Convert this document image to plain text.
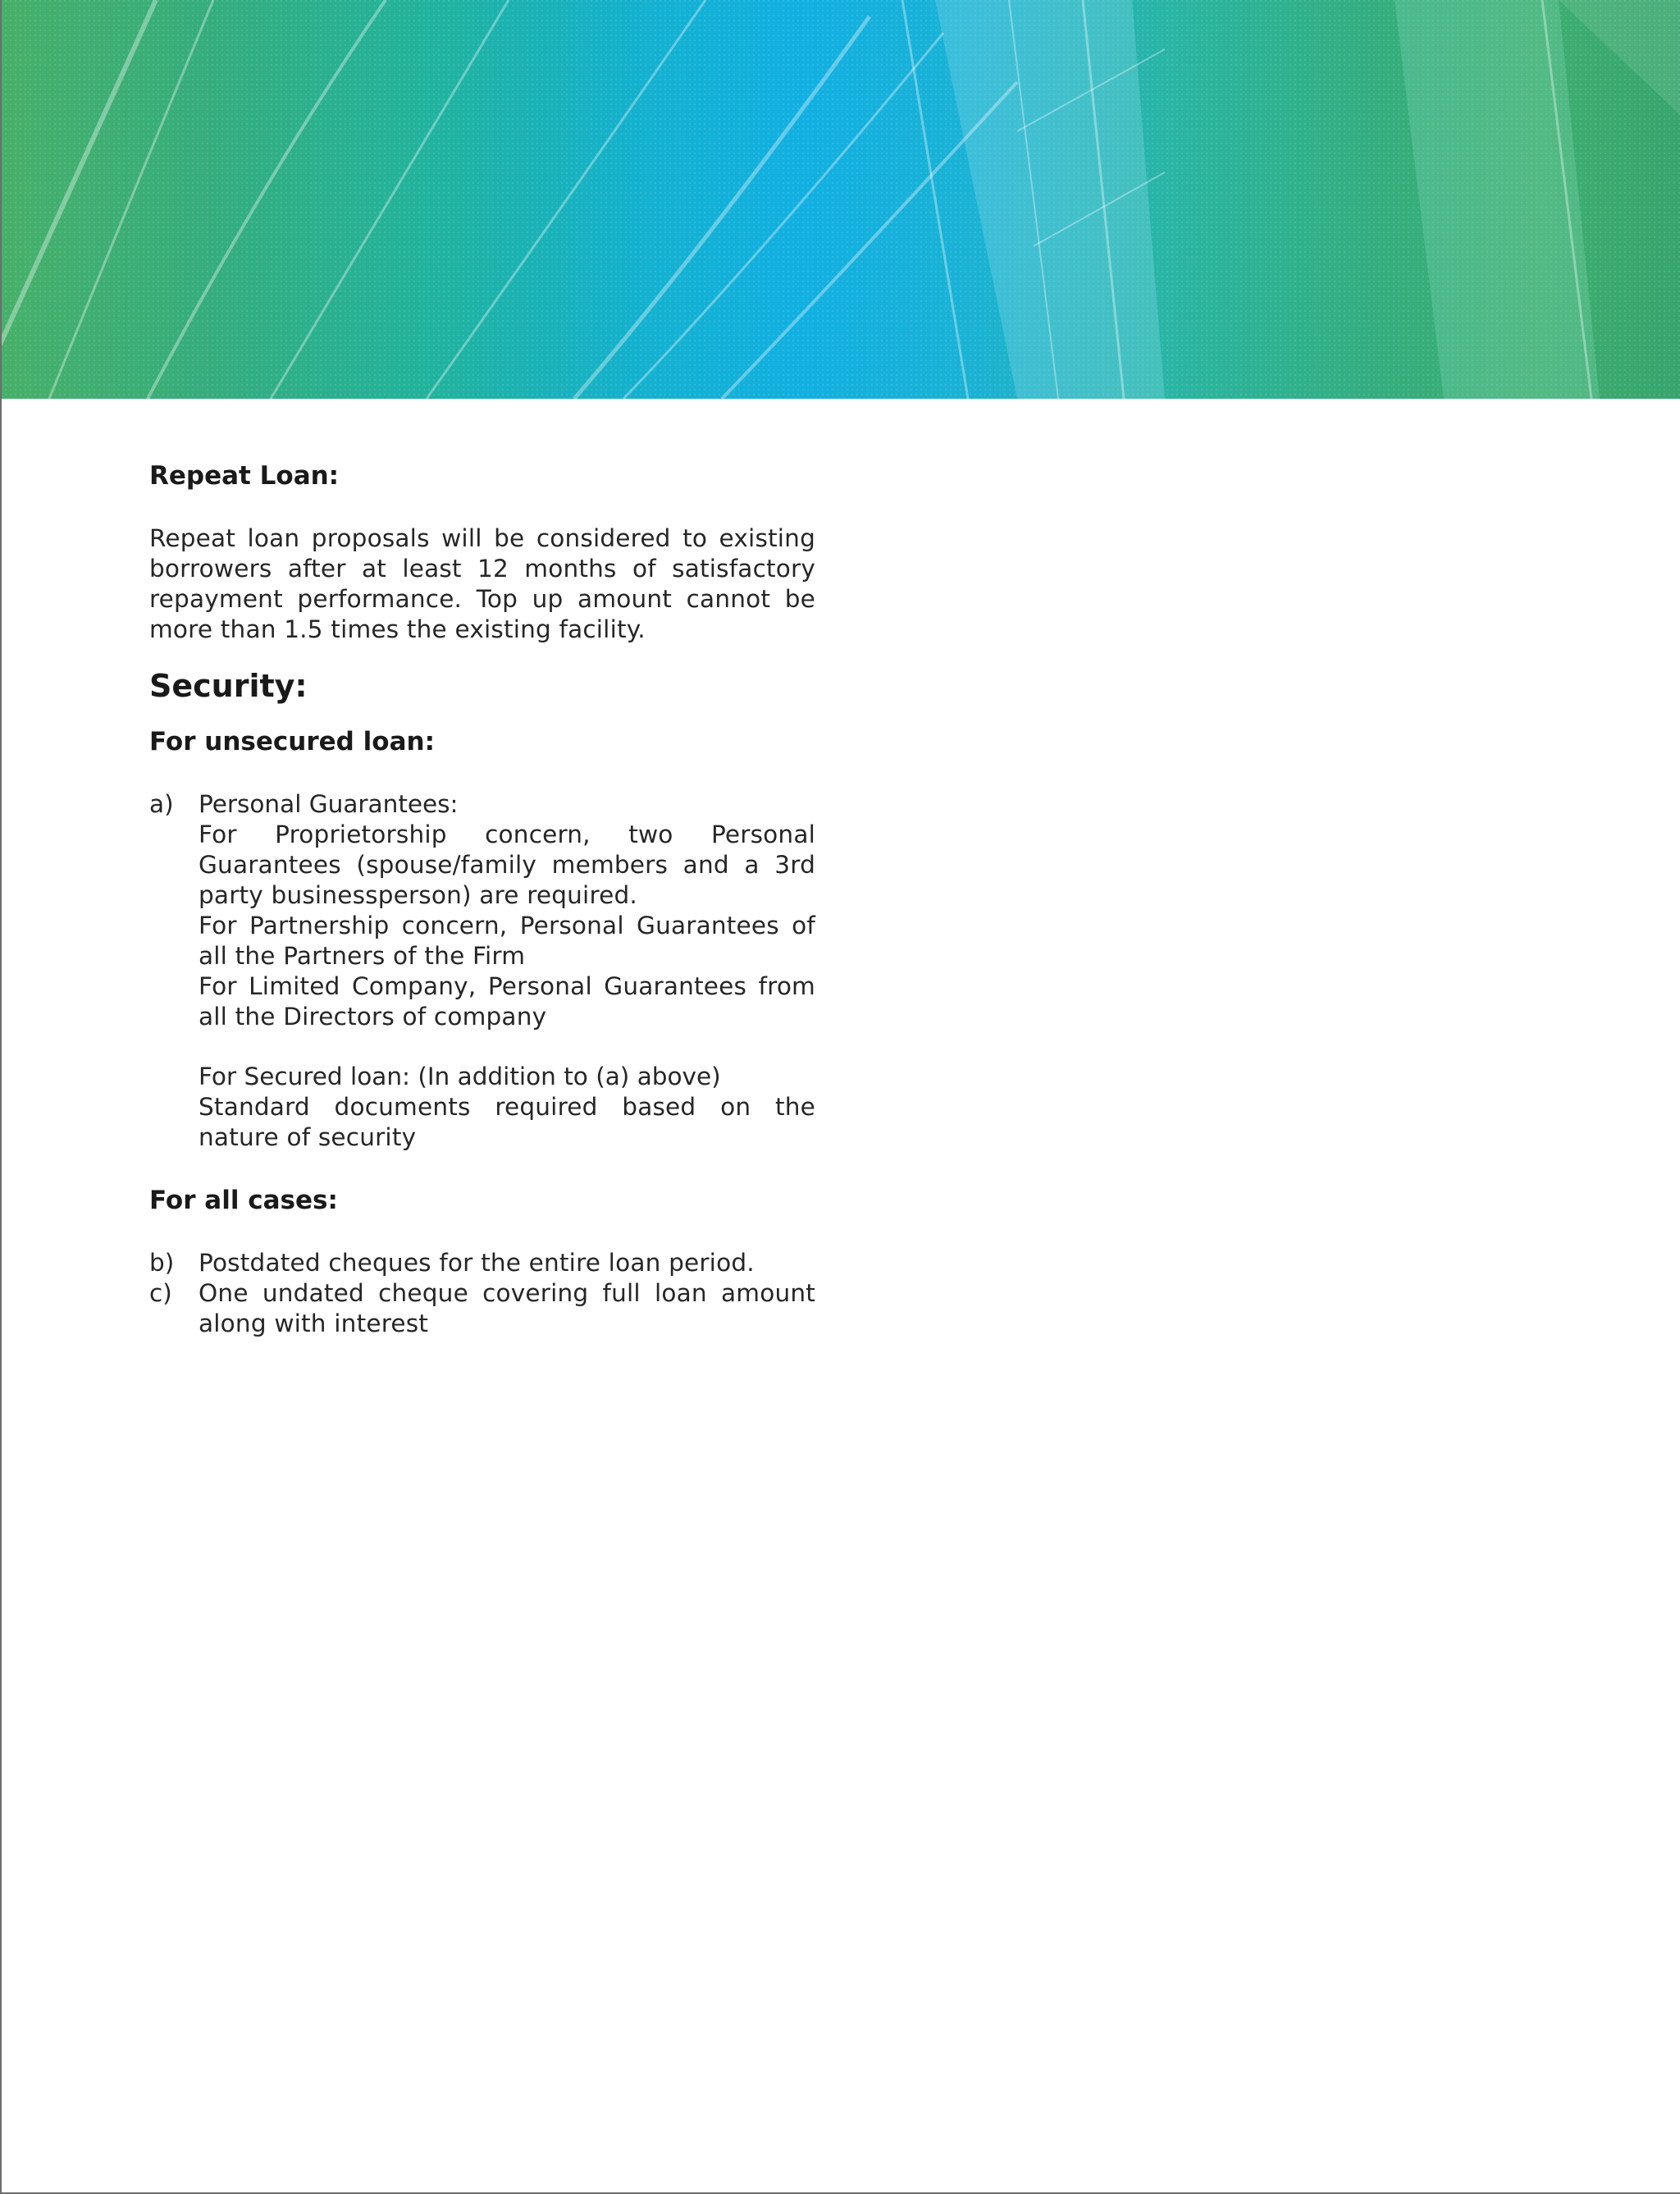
Repeat Loan:
Repeat loan proposals will be considered to existing borrowers after at least 12 months of satisfactory repayment performance. Top up amount cannot be more than 1.5 times the existing facility.
Security:
For unsecured loan:
a)	Personal Guarantees:
For Proprietorship concern, two Personal Guarantees (spouse/family members and a 3rd party businessperson) are required.
For Partnership concern, Personal Guarantees of all the Partners of the Firm
For Limited Company, Personal Guarantees from all the Directors of company
For Secured loan: (In addition to (a) above)
Standard documents required based on the nature of security
For all cases:
b)	Postdated cheques for the entire loan period.
c)	One undated cheque covering full loan amount along with interest
